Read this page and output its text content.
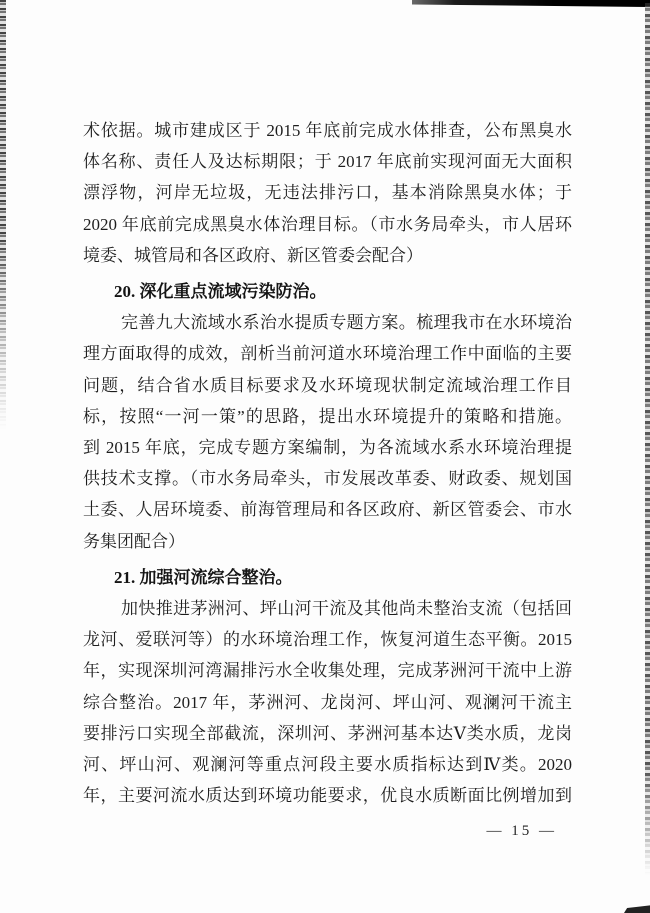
术依据。城市建成区于 2015 年底前完成水体排查，公布黑臭水
体名称、责任人及达标期限；于 2017 年底前实现河面无大面积
漂浮物，河岸无垃圾，无违法排污口，基本消除黑臭水体；于
2020 年底前完成黑臭水体治理目标。（市水务局牵头，市人居环
境委、城管局和各区政府、新区管委会配合）
20. 深化重点流域污染防治。
完善九大流域水系治水提质专题方案。梳理我市在水环境治
理方面取得的成效，剖析当前河道水环境治理工作中面临的主要
问题，结合省水质目标要求及水环境现状制定流域治理工作目
标，按照“一河一策”的思路，提出水环境提升的策略和措施。
到 2015 年底，完成专题方案编制，为各流域水系水环境治理提
供技术支撑。（市水务局牵头，市发展改革委、财政委、规划国
土委、人居环境委、前海管理局和各区政府、新区管委会、市水
务集团配合）
21. 加强河流综合整治。
加快推进茅洲河、坪山河干流及其他尚未整治支流（包括回
龙河、爱联河等）的水环境治理工作，恢复河道生态平衡。2015
年，实现深圳河湾漏排污水全收集处理，完成茅洲河干流中上游
综合整治。2017 年，茅洲河、龙岗河、坪山河、观澜河干流主
要排污口实现全部截流，深圳河、茅洲河基本达Ⅴ类水质，龙岗
河、坪山河、观澜河等重点河段主要水质指标达到Ⅳ类。2020
年，主要河流水质达到环境功能要求，优良水质断面比例增加到
— 15 —
